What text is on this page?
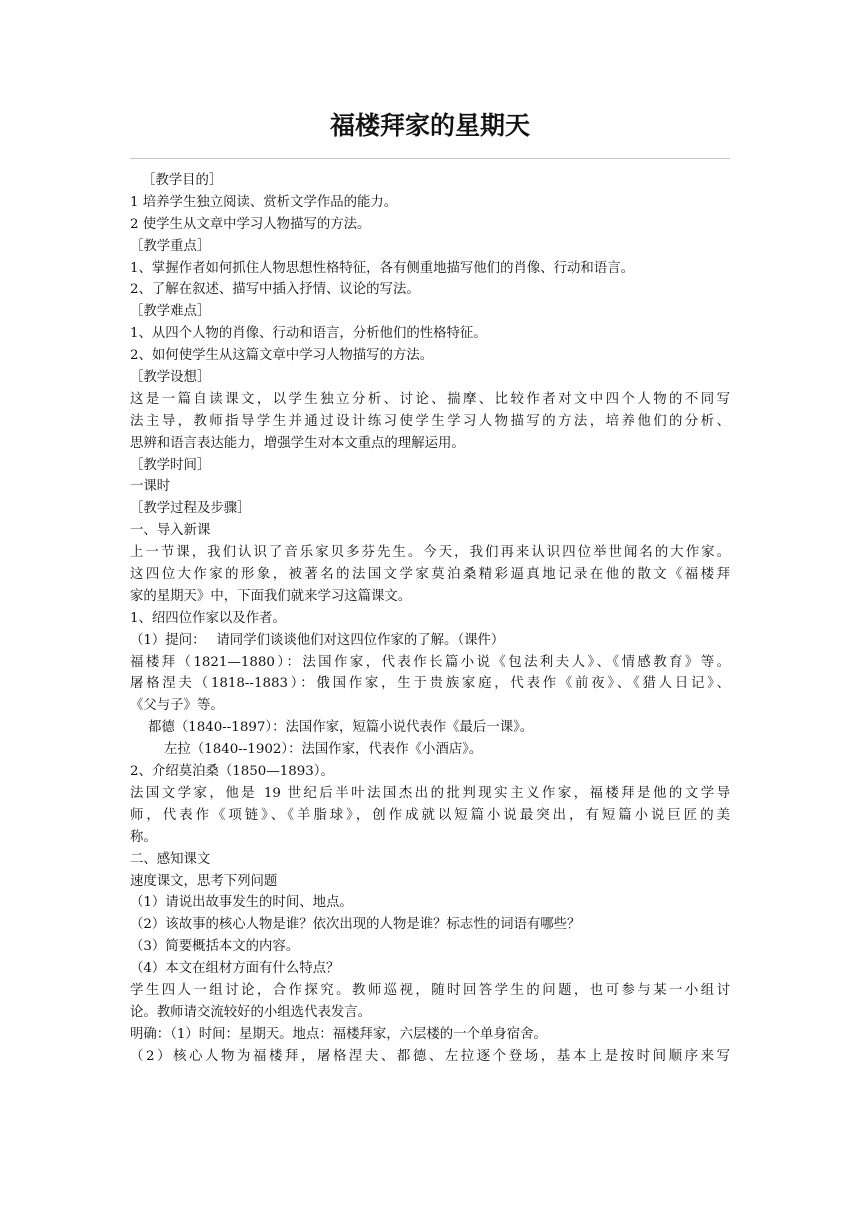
福楼拜家的星期天
［教学目的］
1 培养学生独立阅读、赏析文学作品的能力。
2 使学生从文章中学习人物描写的方法。
［教学重点］
1、掌握作者如何抓住人物思想性格特征，各有侧重地描写他们的肖像、行动和语言。
2、了解在叙述、描写中插入抒情、议论的写法。
［教学难点］
1、从四个人物的肖像、行动和语言，分析他们的性格特征。
2、如何使学生从这篇文章中学习人物描写的方法。
［教学设想］
这是一篇自读课文，以学生独立分析、讨论、揣摩、比较作者对文中四个人物的不同写
法主导，教师指导学生并通过设计练习使学生学习人物描写的方法，培养他们的分析、
思辨和语言表达能力，增强学生对本文重点的理解运用。
［教学时间］
一课时
［教学过程及步骤］
一、导入新课
上一节课，我们认识了音乐家贝多芬先生。今天，我们再来认识四位举世闻名的大作家。
这四位大作家的形象，被著名的法国文学家莫泊桑精彩逼真地记录在他的散文《福楼拜
家的星期天》中，下面我们就来学习这篇课文。
1、绍四位作家以及作者。
（1）提问：　 请同学们谈谈他们对这四位作家的了解。（课件）
福楼拜（1821—1880）：法国作家，代表作长篇小说《包法利夫人》、《情感教育》等。
屠格涅夫（1818--1883）：俄国作家，生于贵族家庭，代表作《前夜》、《猎人日记》、
《父与子》等。
都德（1840--1897）：法国作家，短篇小说代表作《最后一课》。
左拉（1840--1902）：法国作家，代表作《小酒店》。
2、介绍莫泊桑（1850—1893）。
法国文学家，他是 19 世纪后半叶法国杰出的批判现实主义作家，福楼拜是他的文学导
师，代表作《项链》、《羊脂球》，创作成就以短篇小说最突出，有短篇小说巨匠的美
称。
二、感知课文
速度课文，思考下列问题
（1）请说出故事发生的时间、地点。
（2）该故事的核心人物是谁？依次出现的人物是谁？标志性的词语有哪些？
（3）简要概括本文的内容。
（4）本文在组材方面有什么特点？
学生四人一组讨论，合作探究。教师巡视，随时回答学生的问题，也可参与某一小组讨
论。教师请交流较好的小组选代表发言。
明确：（1）时间：星期天。地点：福楼拜家，六层楼的一个单身宿舍。
（2）核心人物为福楼拜，屠格涅夫、都德、左拉逐个登场，基本上是按时间顺序来写
